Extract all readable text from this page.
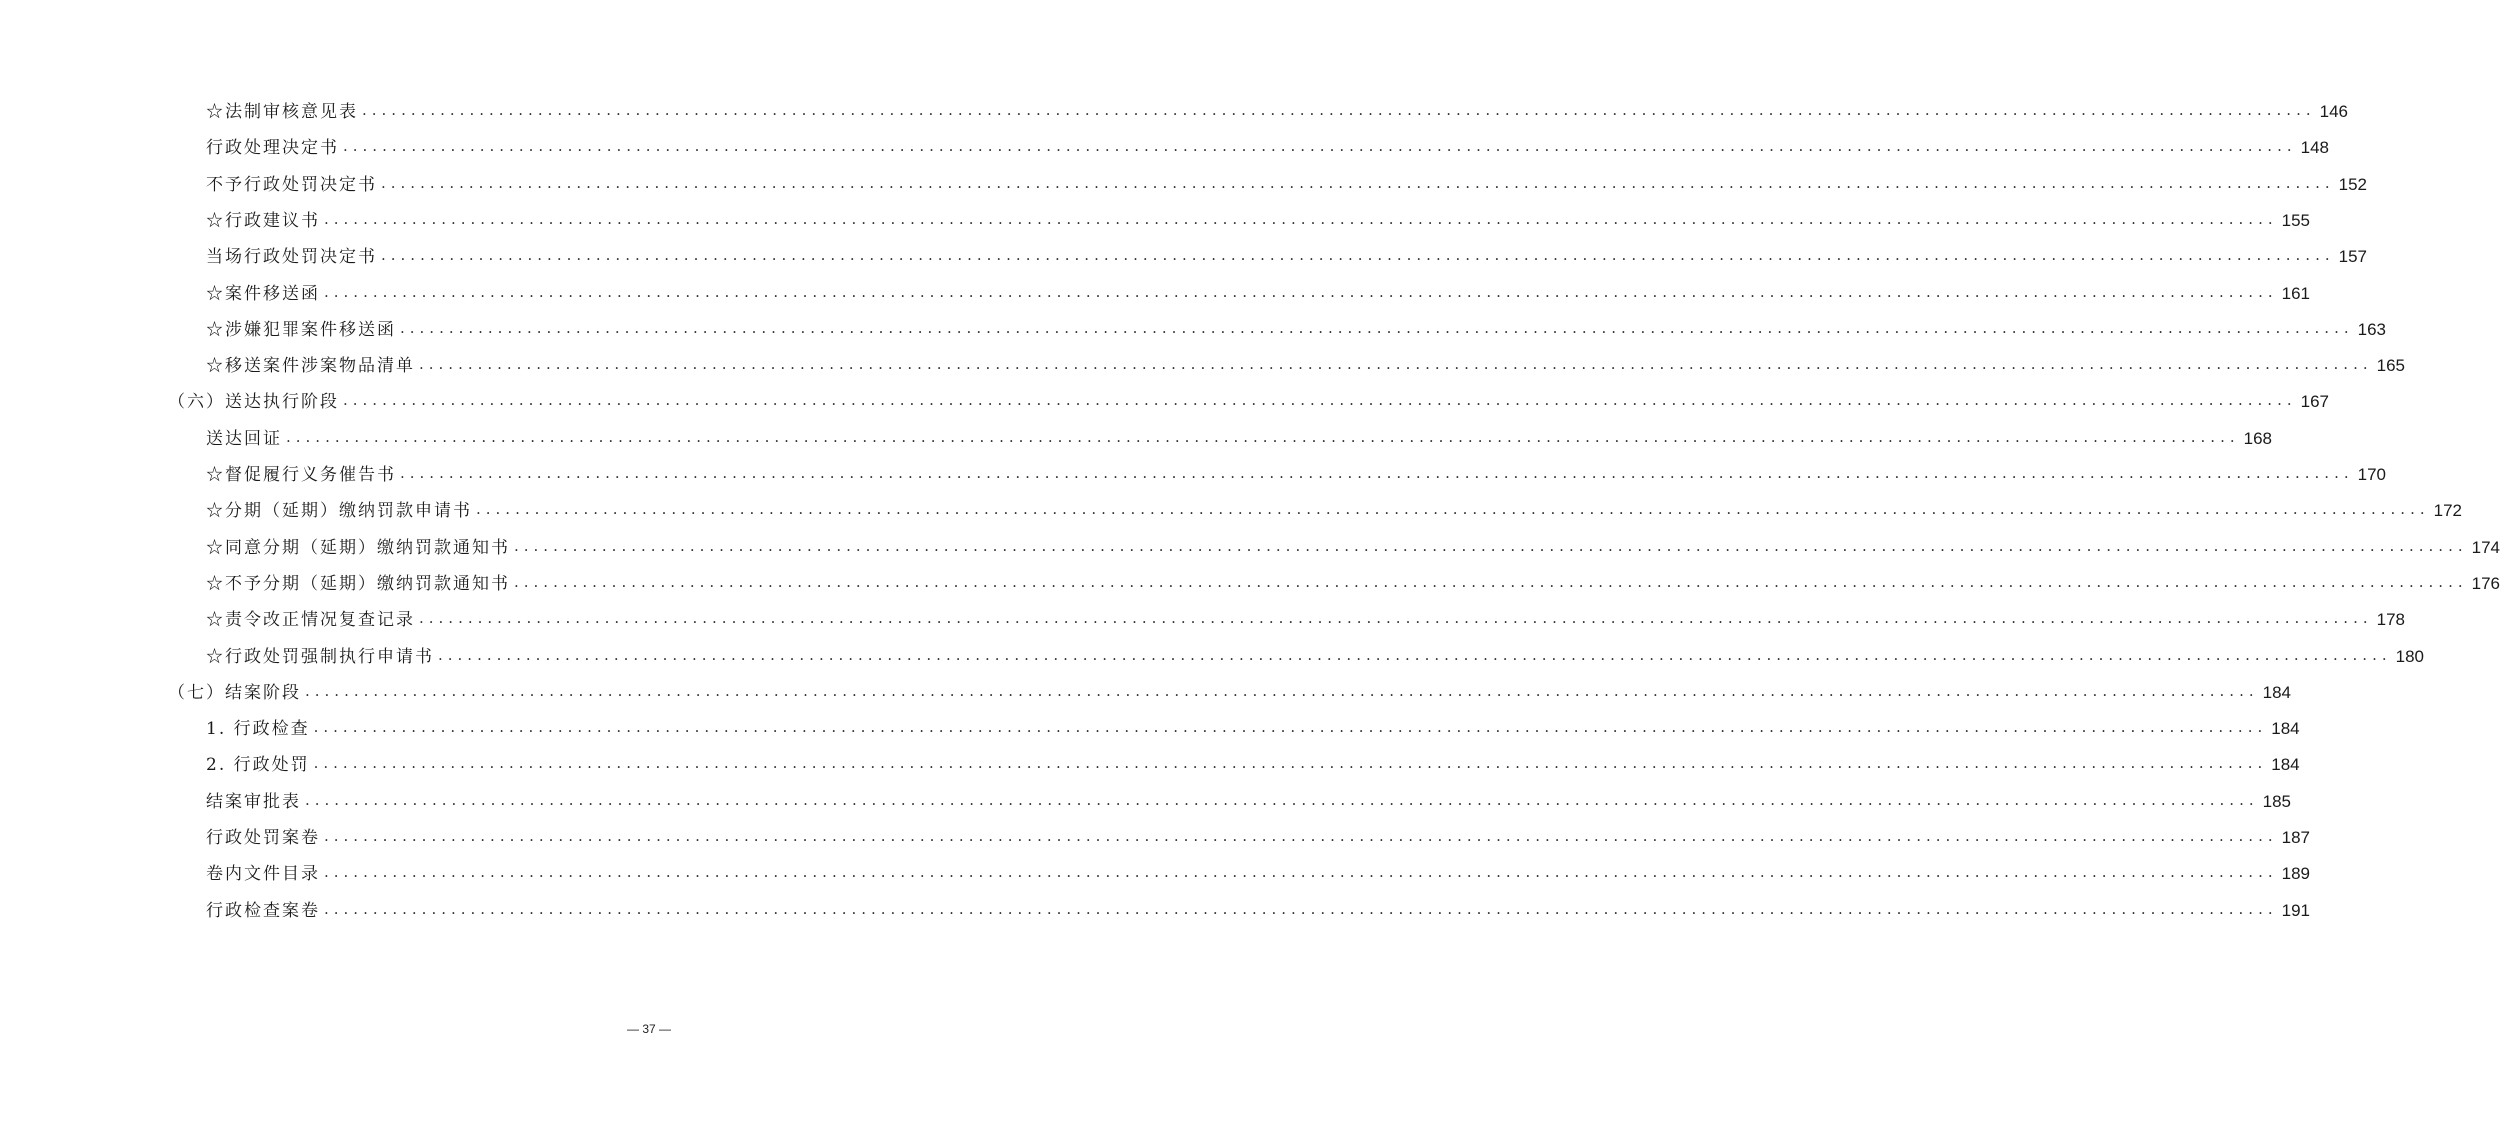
☆法制审核意见表 ........................................................................................................................................................................................................ 146
行政处理决定书 ........................................................................................................................................................................................................ 148
不予行政处罚决定书 ........................................................................................................................................................................................................ 152
☆行政建议书 ........................................................................................................................................................................................................ 155
当场行政处罚决定书 ........................................................................................................................................................................................................ 157
☆案件移送函 ........................................................................................................................................................................................................ 161
☆涉嫌犯罪案件移送函 ........................................................................................................................................................................................................ 163
☆移送案件涉案物品清单 ........................................................................................................................................................................................................ 165
（六）送达执行阶段 ........................................................................................................................................................................................................ 167
送达回证 ........................................................................................................................................................................................................ 168
☆督促履行义务催告书 ........................................................................................................................................................................................................ 170
☆分期（延期）缴纳罚款申请书 ........................................................................................................................................................................................................ 172
☆同意分期（延期）缴纳罚款通知书 ........................................................................................................................................................................................................ 174
☆不予分期（延期）缴纳罚款通知书 ........................................................................................................................................................................................................ 176
☆责令改正情况复查记录 ........................................................................................................................................................................................................ 178
☆行政处罚强制执行申请书 ........................................................................................................................................................................................................ 180
（七）结案阶段 ........................................................................................................................................................................................................ 184
1. 行政检查 ........................................................................................................................................................................................................ 184
2. 行政处罚 ........................................................................................................................................................................................................ 184
结案审批表 ........................................................................................................................................................................................................ 185
行政处罚案卷 ........................................................................................................................................................................................................ 187
卷内文件目录 ........................................................................................................................................................................................................ 189
行政检查案卷 ........................................................................................................................................................................................................ 191
— 37 —
